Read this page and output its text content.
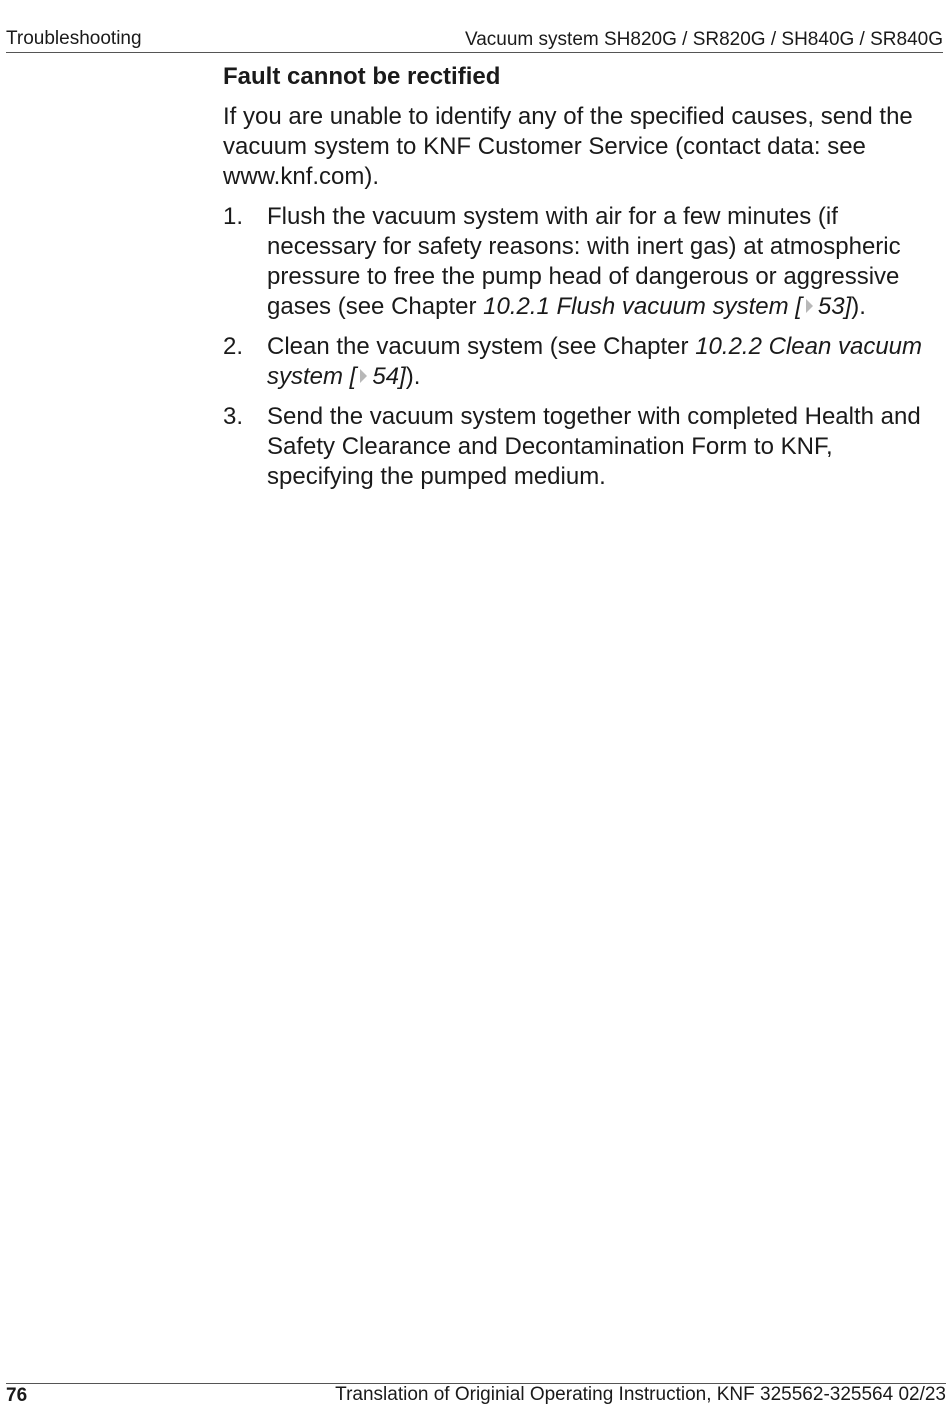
Troubleshooting	Vacuum system SH820G / SR820G / SH840G / SR840G
Fault cannot be rectified
If you are unable to identify any of the specified causes, send the vacuum system to KNF Customer Service (contact data: see www.knf.com).
1. Flush the vacuum system with air for a few minutes (if necessary for safety reasons: with inert gas) at atmospheric pressure to free the pump head of dangerous or aggressive gases (see Chapter 10.2.1 Flush vacuum system [ 53]).
2. Clean the vacuum system (see Chapter 10.2.2 Clean vacuum system [ 54]).
3. Send the vacuum system together with completed Health and Safety Clearance and Decontamination Form to KNF, specifying the pumped medium.
76	Translation of Originial Operating Instruction, KNF 325562-325564 02/23
